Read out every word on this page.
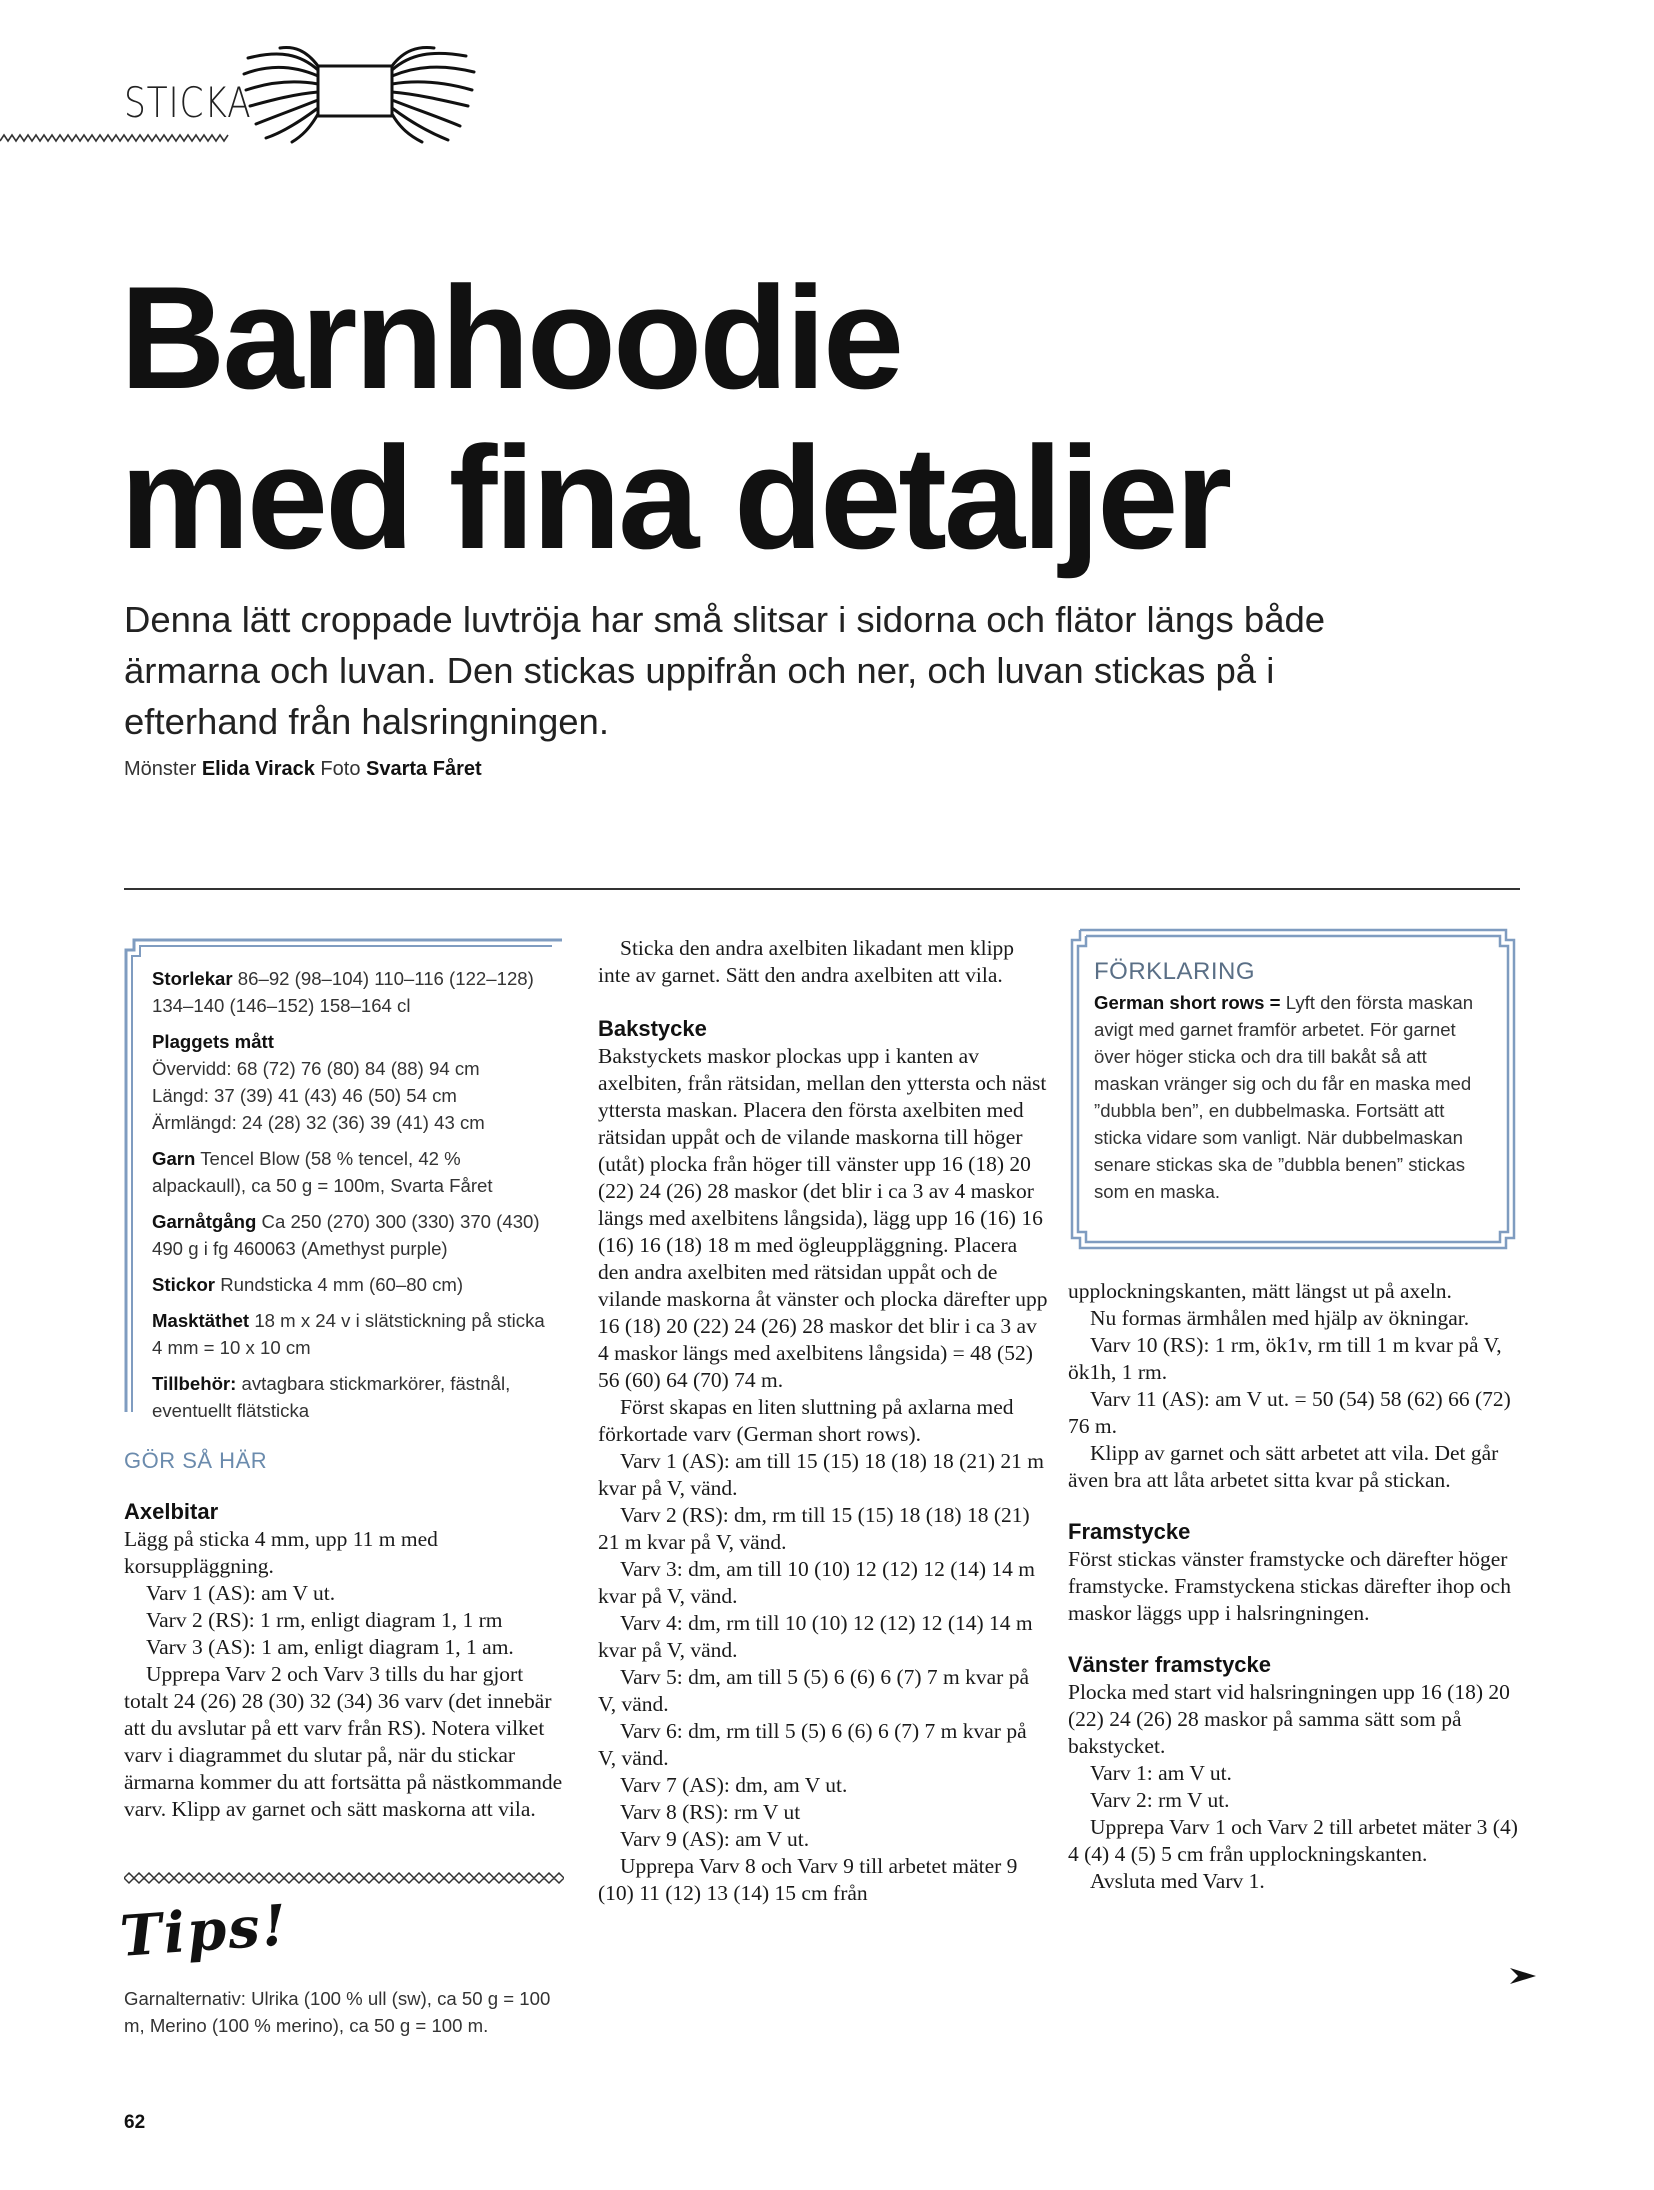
STICKA
Barnhoodie
med fina detaljer

Denna lätt croppade luvtröja har små slitsar i sidorna och flätor längs både ärmarna och luvan. Den stickas uppifrån och ner, och luvan stickas på i efterhand från halsringningen.

Mönster Elida Virack Foto Svarta Fåret

Storlekar 86–92 (98–104) 110–116 (122–128) 134–140 (146–152) 158–164 cl

Plaggets mått
Övervidd: 68 (72) 76 (80) 84 (88) 94 cm
Längd: 37 (39) 41 (43) 46 (50) 54 cm
Ärmlängd: 24 (28) 32 (36) 39 (41) 43 cm

Garn Tencel Blow (58 % tencel, 42 % alpackaull), ca 50 g = 100m, Svarta Fåret

Garnåtgång Ca 250 (270) 300 (330) 370 (430) 490 g i fg 460063 (Amethyst purple)

Stickor Rundsticka 4 mm (60–80 cm)

Masktäthet 18 m x 24 v i slätstickning på sticka 4 mm = 10 x 10 cm

Tillbehör: avtagbara stickmarkörer, fästnål, eventuellt flätsticka

GÖR SÅ HÄR

Axelbitar

Lägg på sticka 4 mm, upp 11 m med korsuppläggning.

Varv 1 (AS): am V ut.

Varv 2 (RS): 1 rm, enligt diagram 1, 1 rm

Varv 3 (AS): 1 am, enligt diagram 1, 1 am.

Upprepa Varv 2 och Varv 3 tills du har gjort totalt 24 (26) 28 (30) 32 (34) 36 varv (det innebär att du avslutar på ett varv från RS). Notera vilket varv i diagrammet du slutar på, när du stickar ärmarna kommer du att fortsätta på nästkommande varv. Klipp av garnet och sätt maskorna att vila.

Tips!

Garnalternativ: Ulrika (100 % ull (sw), ca 50 g = 100 m, Merino (100 % merino), ca 50 g = 100 m.

62

Sticka den andra axelbiten likadant men klipp inte av garnet. Sätt den andra axelbiten att vila.

Bakstycke

Bakstyckets maskor plockas upp i kanten av axelbiten, från rätsidan, mellan den yttersta och näst yttersta maskan. Placera den första axelbiten med rätsidan uppåt och de vilande maskorna till höger (utåt) plocka från höger till vänster upp 16 (18) 20 (22) 24 (26) 28 maskor (det blir i ca 3 av 4 maskor längs med axelbitens långsida), lägg upp 16 (16) 16 (16) 16 (18) 18 m med ögleuppläggning. Placera den andra axelbiten med rätsidan uppåt och de vilande maskorna åt vänster och plocka därefter upp 16 (18) 20 (22) 24 (26) 28 maskor det blir i ca 3 av 4 maskor längs med axelbitens långsida) = 48 (52) 56 (60) 64 (70) 74 m.

Först skapas en liten sluttning på axlarna med förkortade varv (German short rows).

Varv 1 (AS): am till 15 (15) 18 (18) 18 (21) 21 m kvar på V, vänd.

Varv 2 (RS): dm, rm till 15 (15) 18 (18) 18 (21) 21 m kvar på V, vänd.

Varv 3: dm, am till 10 (10) 12 (12) 12 (14) 14 m kvar på V, vänd.

Varv 4: dm, rm till 10 (10) 12 (12) 12 (14) 14 m kvar på V, vänd.

Varv 5: dm, am till 5 (5) 6 (6) 6 (7) 7 m kvar på V, vänd.

Varv 6: dm, rm till 5 (5) 6 (6) 6 (7) 7 m kvar på V, vänd.

Varv 7 (AS): dm, am V ut.

Varv 8 (RS): rm V ut

Varv 9 (AS): am V ut.

Upprepa Varv 8 och Varv 9 till arbetet mäter 9 (10) 11 (12) 13 (14) 15 cm från

FÖRKLARING

German short rows = Lyft den första maskan avigt med garnet framför arbetet. För garnet över höger sticka och dra till bakåt så att maskan vränger sig och du får en maska med ”dubbla ben”, en dubbelmaska. Fortsätt att sticka vidare som vanligt. När dubbelmaskan senare stickas ska de ”dubbla benen” stickas som en maska.

upplockningskanten, mätt längst ut på axeln.

Nu formas ärmhålen med hjälp av ökningar.

Varv 10 (RS): 1 rm, ök1v, rm till 1 m kvar på V, ök1h, 1 rm.

Varv 11 (AS): am V ut. = 50 (54) 58 (62) 66 (72) 76 m.

Klipp av garnet och sätt arbetet att vila. Det går även bra att låta arbetet sitta kvar på stickan.

Framstycke

Först stickas vänster framstycke och därefter höger framstycke. Framstyckena stickas därefter ihop och maskor läggs upp i halsringningen.

Vänster framstycke

Plocka med start vid halsringningen upp 16 (18) 20 (22) 24 (26) 28 maskor på samma sätt som på bakstycket.

Varv 1: am V ut.

Varv 2: rm V ut.

Upprepa Varv 1 och Varv 2 till arbetet mäter 3 (4) 4 (4) 4 (5) 5 cm från upplockningskanten.

Avsluta med Varv 1.
